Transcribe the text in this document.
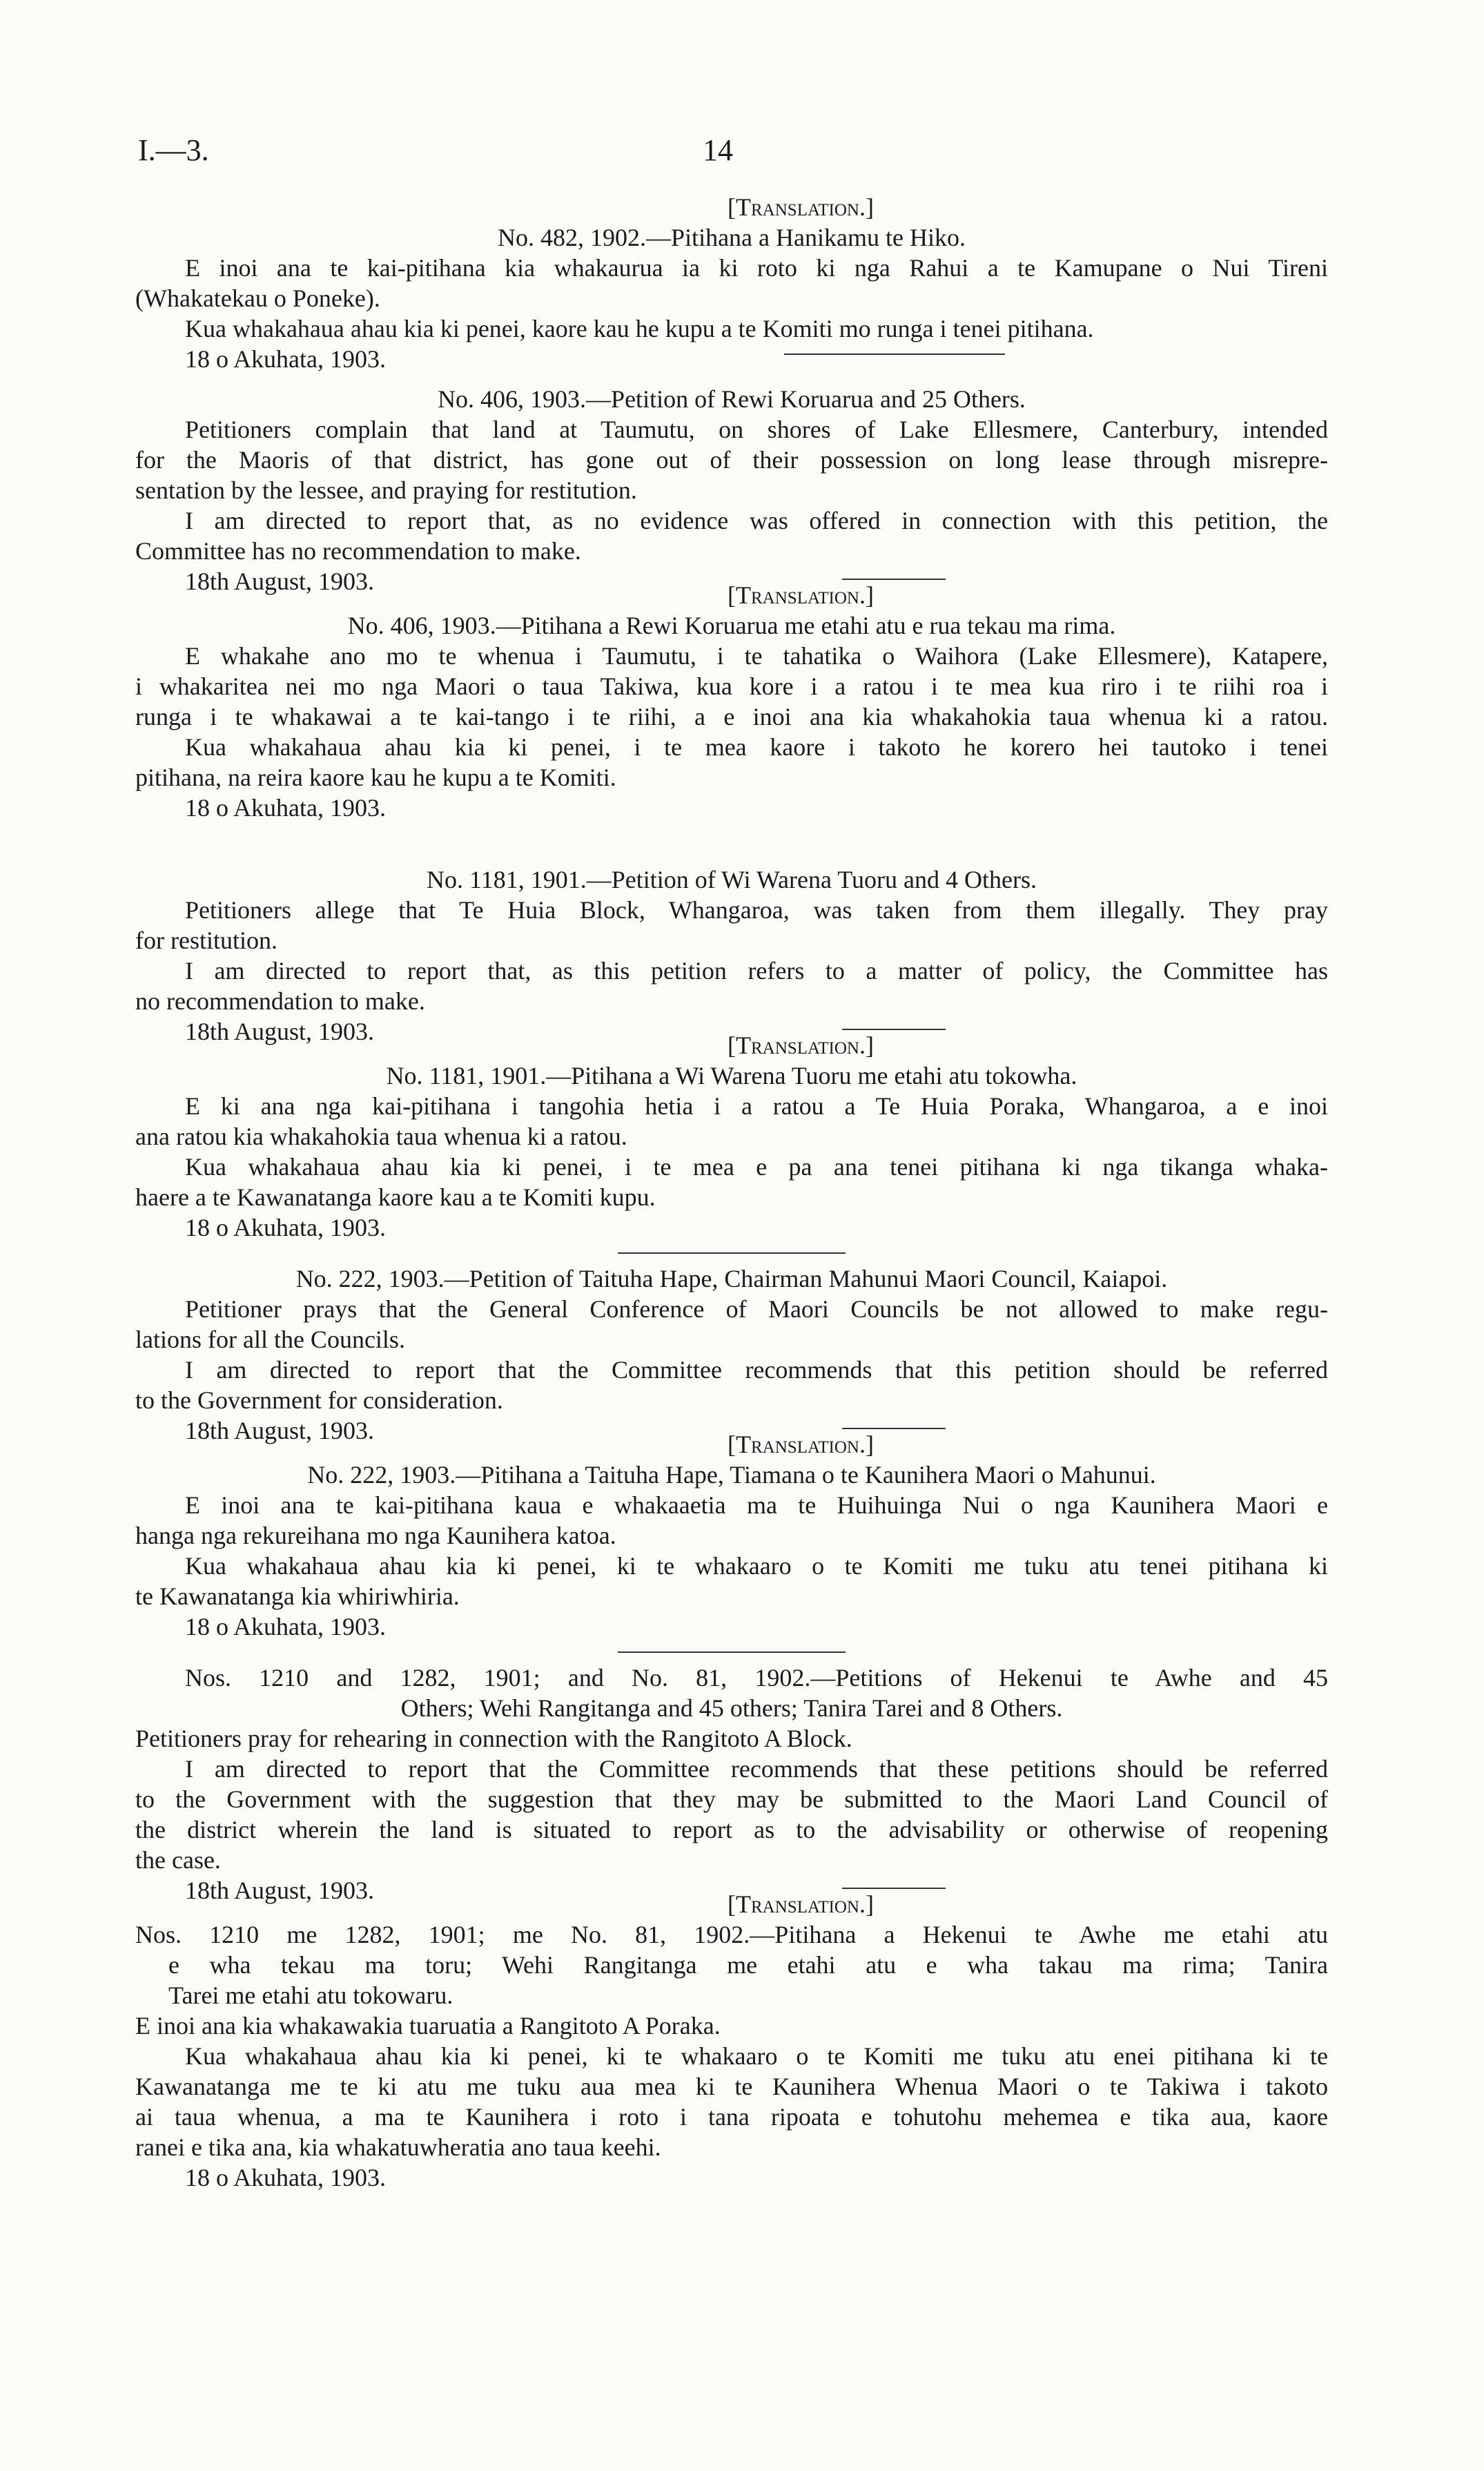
I.—3.	14
[Translation.]
No. 482, 1902.—Pitihana a Hanikamu te Hiko.
E inoi ana te kai-pitihana kia whakaurua ia ki roto ki nga Rahui a te Kamupane o Nui Tireni
(Whakatekau o Poneke).
Kua whakahaua ahau kia ki penei, kaore kau he kupu a te Komiti mo runga i tenei pitihana.
18 o Akuhata, 1903.
No. 406, 1903.—Petition of Rewi Koruarua and 25 Others.
Petitioners complain that land at Taumutu, on shores of Lake Ellesmere, Canterbury, intended
for the Maoris of that district, has gone out of their possession on long lease through misrepre-
sentation by the lessee, and praying for restitution.
I am directed to report that, as no evidence was offered in connection with this petition, the
Committee has no recommendation to make.
18th August, 1903.	[Translation.]
No. 406, 1903.—Pitihana a Rewi Koruarua me etahi atu e rua tekau ma rima.
E whakahe ano mo te whenua i Taumutu, i te tahatika o Waihora (Lake Ellesmere), Katapere,
i whakaritea nei mo nga Maori o taua Takiwa, kua kore i a ratou i te mea kua riro i te riihi roa i
runga i te whakawai a te kai-tango i te riihi, a e inoi ana kia whakahokia taua whenua ki a ratou.
Kua whakahaua ahau kia ki penei, i te mea kaore i takoto he korero hei tautoko i tenei
pitihana, na reira kaore kau he kupu a te Komiti.
18 o Akuhata, 1903.
No. 1181, 1901.—Petition of Wi Warena Tuoru and 4 Others.
Petitioners allege that Te Huia Block, Whangaroa, was taken from them illegally. They pray
for restitution.
I am directed to report that, as this petition refers to a matter of policy, the Committee has
no recommendation to make.
18th August, 1903.	[Translation.]
No. 1181, 1901.—Pitihana a Wi Warena Tuoru me etahi atu tokowha.
E ki ana nga kai-pitihana i tangohia hetia i a ratou a Te Huia Poraka, Whangaroa, a e inoi
ana ratou kia whakahokia taua whenua ki a ratou.
Kua whakahaua ahau kia ki penei, i te mea e pa ana tenei pitihana ki nga tikanga whaka-
haere a te Kawanatanga kaore kau a te Komiti kupu.
18 o Akuhata, 1903.
No. 222, 1903.—Petition of Taituha Hape, Chairman Mahunui Maori Council, Kaiapoi.
Petitioner prays that the General Conference of Maori Councils be not allowed to make regu-
lations for all the Councils.
I am directed to report that the Committee recommends that this petition should be referred
to the Government for consideration.
18th August, 1903.	[Translation.]
No. 222, 1903.—Pitihana a Taituha Hape, Tiamana o te Kaunihera Maori o Mahunui.
E inoi ana te kai-pitihana kaua e whakaaetia ma te Huihuinga Nui o nga Kaunihera Maori e
hanga nga rekureihana mo nga Kaunihera katoa.
Kua whakahaua ahau kia ki penei, ki te whakaaro o te Komiti me tuku atu tenei pitihana ki
te Kawanatanga kia whiriwhiria.
18 o Akuhata, 1903.
Nos. 1210 and 1282, 1901; and No. 81, 1902.—Petitions of Hekenui te Awhe and 45
Others; Wehi Rangitanga and 45 others; Tanira Tarei and 8 Others.
Petitioners pray for rehearing in connection with the Rangitoto A Block.
I am directed to report that the Committee recommends that these petitions should be referred
to the Government with the suggestion that they may be submitted to the Maori Land Council of
the district wherein the land is situated to report as to the advisability or otherwise of reopening
the case.
18th August, 1903.	[Translation.]
Nos. 1210 me 1282, 1901; me No. 81, 1902.—Pitihana a Hekenui te Awhe me etahi atu
e wha tekau ma toru; Wehi Rangitanga me etahi atu e wha takau ma rima; Tanira
Tarei me etahi atu tokowaru.
E inoi ana kia whakawakia tuaruatia a Rangitoto A Poraka.
Kua whakahaua ahau kia ki penei, ki te whakaaro o te Komiti me tuku atu enei pitihana ki te
Kawanatanga me te ki atu me tuku aua mea ki te Kaunihera Whenua Maori o te Takiwa i takoto
ai taua whenua, a ma te Kaunihera i roto i tana ripoata e tohutohu mehemea e tika aua, kaore
ranei e tika ana, kia whakatuwheratia ano taua keehi.
18 o Akuhata, 1903.
